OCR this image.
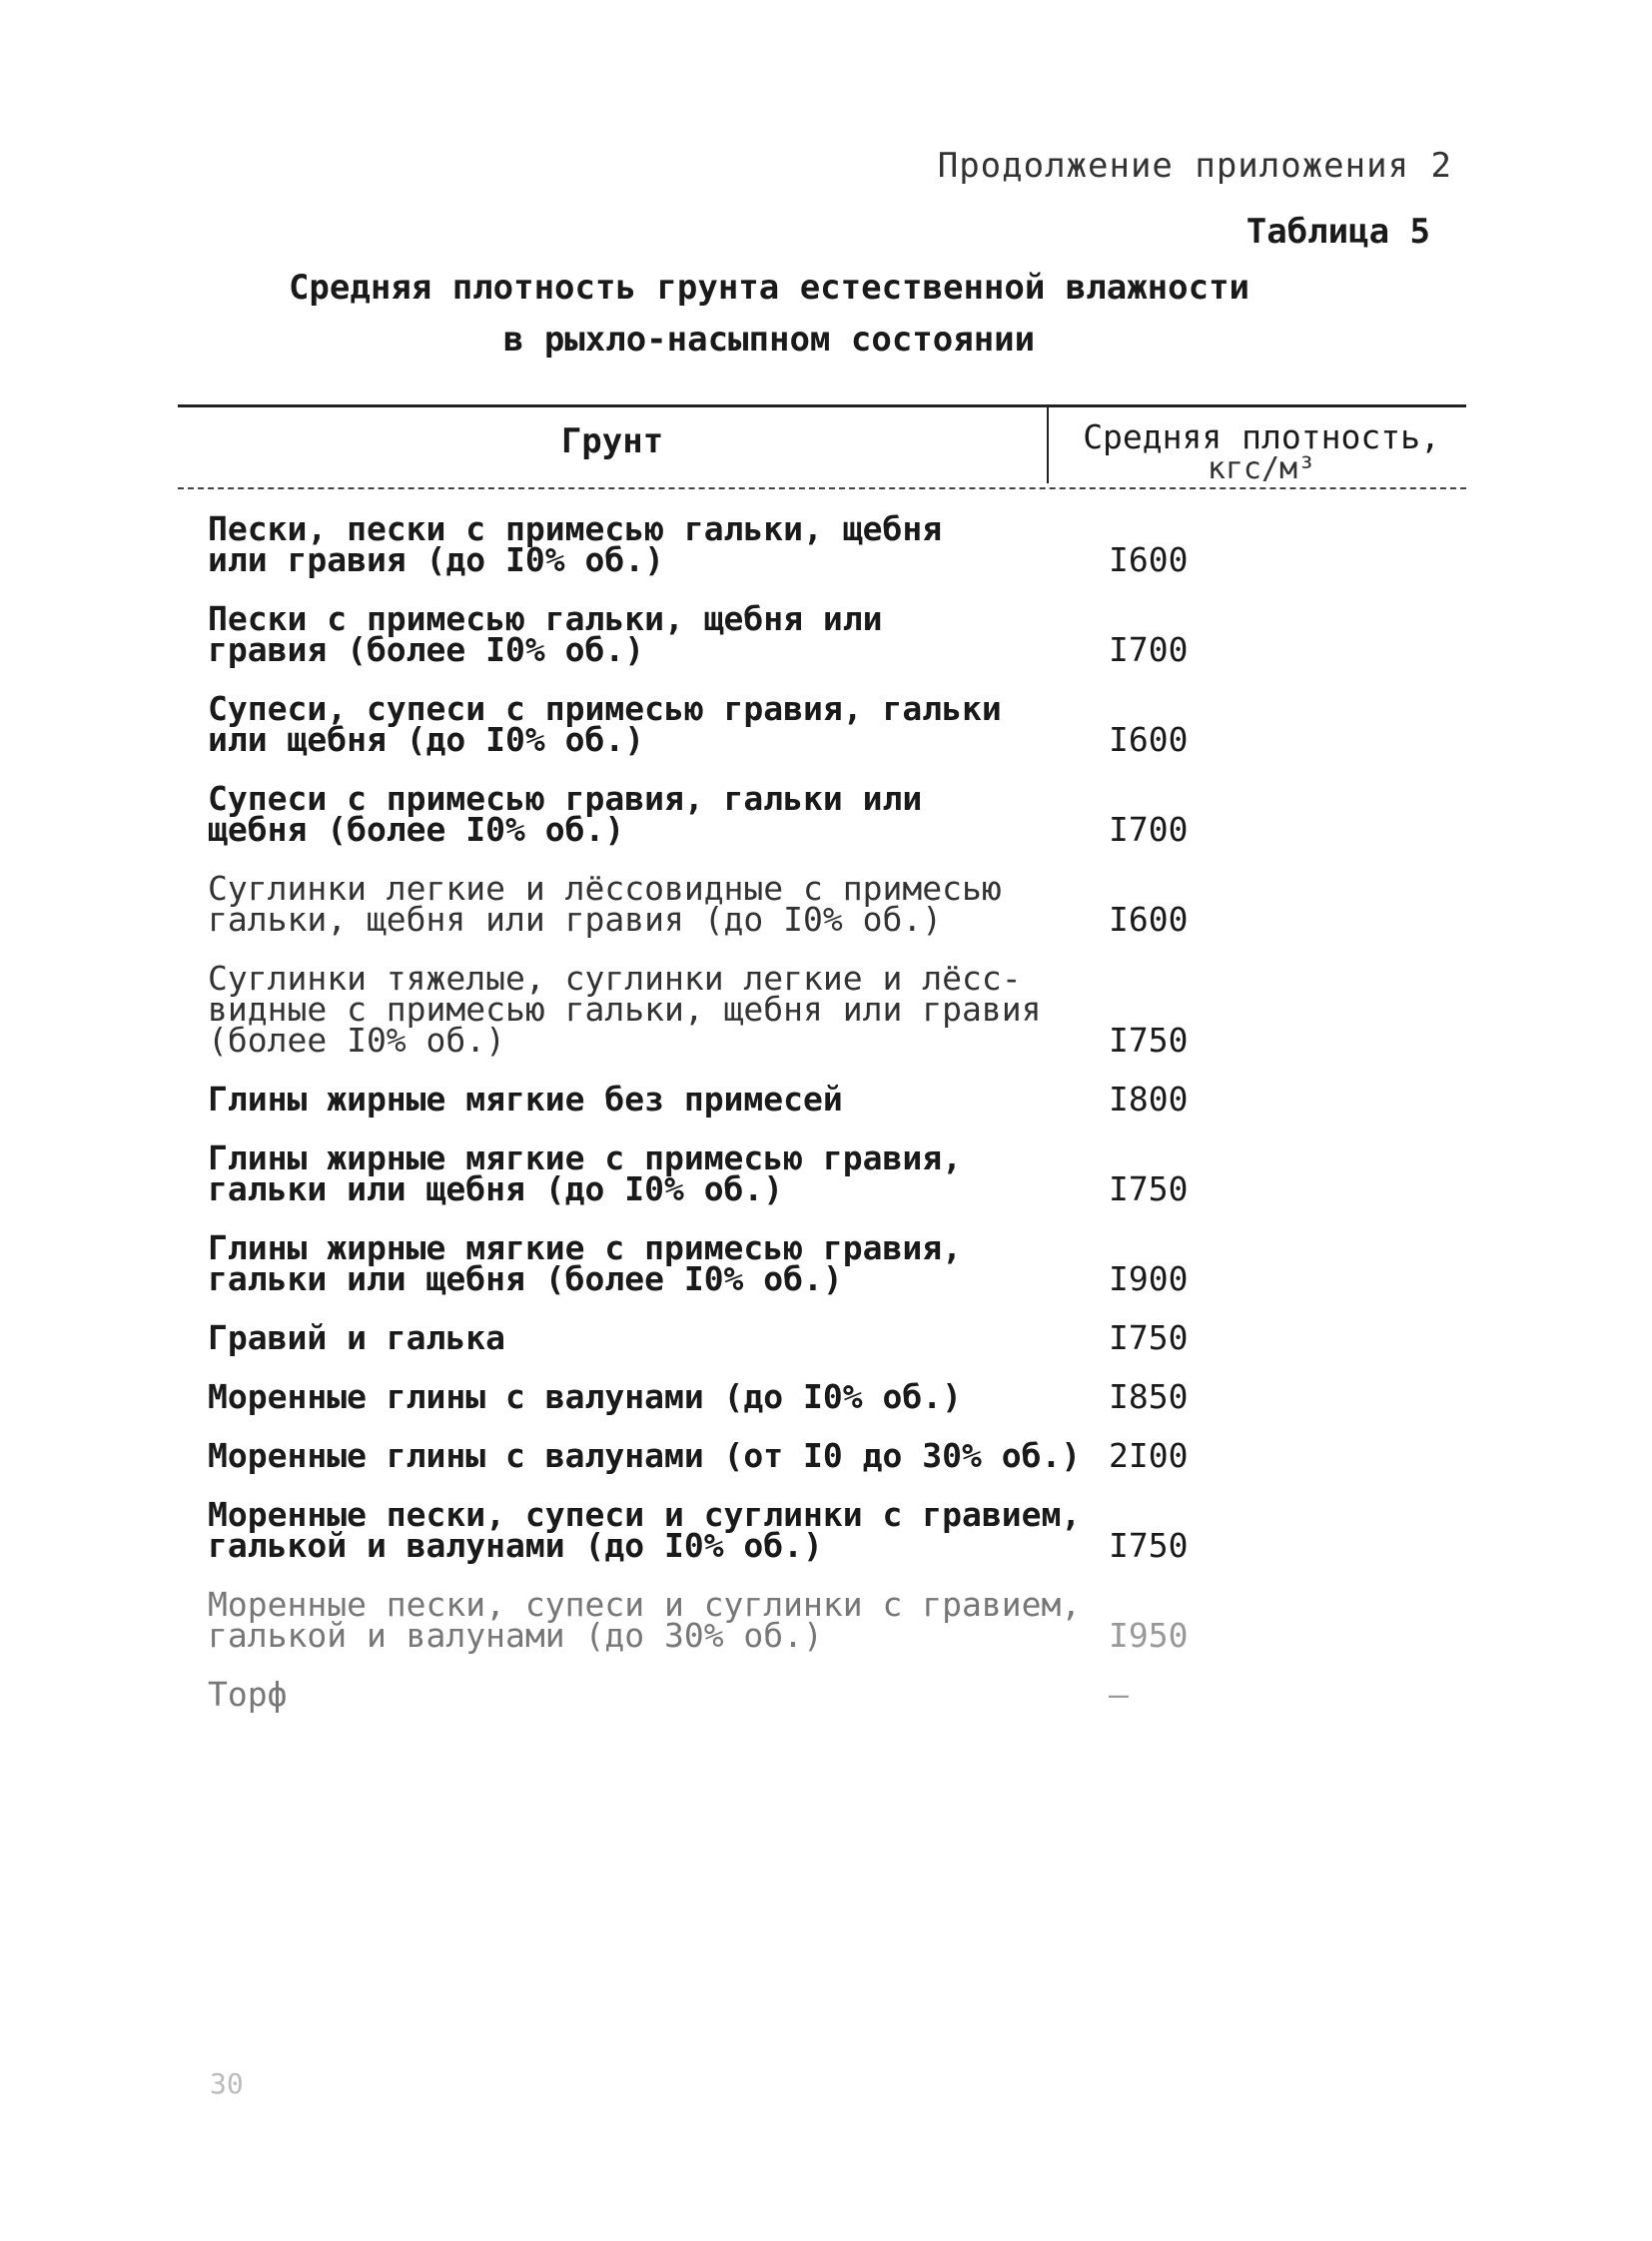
Продолжение приложения 2
Таблица 5
Средняя плотность грунта естественной влажности
в рыхло-насыпном состоянии
Грунт	Средняя плотность,
кгс/м³
Пески, пески с примесью гальки, щебня
или гравия (до I0% об.)	I600
Пески с примесью гальки, щебня или
гравия (более I0% об.)	I700
Супеси, супеси с примесью гравия, гальки
или щебня (до I0% об.)	I600
Супеси с примесью гравия, гальки или
щебня (более I0% об.)	I700
Суглинки легкие и лёссовидные с примесью
гальки, щебня или гравия (до I0% об.)	I600
Суглинки тяжелые, суглинки легкие и лёсс-
видные с примесью гальки, щебня или гравия
(более I0% об.)	I750
Глины жирные мягкие без примесей	I800
Глины жирные мягкие с примесью гравия,
гальки или щебня (до I0% об.)	I750
Глины жирные мягкие с примесью гравия,
гальки или щебня (более I0% об.)	I900
Гравий и галька	I750
Моренные глины с валунами (до I0% об.)	I850
Моренные глины с валунами (от I0 до 30% об.) 2I00
Моренные пески, супеси и суглинки с гравием,
галькой и валунами (до I0% об.)	I750
Моренные пески, супеси и суглинки с гравием,
галькой и валунами (до 30% об.)	I950
Торф	—
30
